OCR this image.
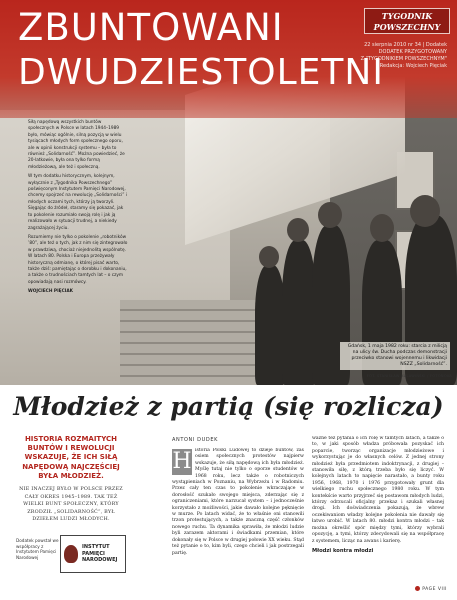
ZBUNTOWANI
DWUDZIESTOLETNI
TYGODNIK POWSZECHNY
22 sierpnia 2010 nr 34 | Dodatek
DODATEK PRZYGOTOWANY
Z "TYGODNIKIEM POWSZECHNYM"
Redakcja: Wojciech Pięciak

Siłą napędową wszystkich buntów społecznych w Polsce w latach 1944–1989 było, mówiąc ogólnie, silną pozycją w wielu tysiącach młodych form społecznego oporu, ale w opinii konstrukcji systemu – była to również „Solidarność”. Można powiedzieć, że 20-latkowie, była ona tylko formą młodzieżową, ale też i społeczną.

W tym dodatku historycznym, kolejnym, wyłącznie z „Tygodnika Powszechnego” poświęconym Instytutem Pamięci Narodowej, chcemy spojrzeć na rewolucję „Solidarności” i młodych oczami tych, którzy ją tworzyli. Sięgając do źródeł, staramy się pokazać, jak to pokolenie rozumiało swoją rolę i jak ją realizowało w sytuacji trudnej, a niekiedy zagrażającej życiu.

Rozumiemy nie tylko o pokolenie „robotników ’80”, ale też o tych, jak z nim się zintegrowało w prawdziwą, chociaż niejednolitą wspólnotę. W latach 80. Polska i Europa przeżywały historyczną odmianę, o której pisać warto, także dziś: pamiętając o dorobku i dokonaniu, a także o trudnościach tamtych lat – o czym opowiadają nasi rozmówcy.

WOJCIECH PIĘCIAK

Gdańsk, 1 maja 1982 roku: starcia z milicją na ulicy św. Ducha podczas demonstracji przeciwko stanowi wojennemu i likwidacji NSZZ „Solidarność”.
FOT. STANISŁAW KULAWIŃSKI / FOTONOVA
Młodzież z partią (się rozlicza)
HISTORIA ROZMAITYCH BUNTÓW I REWOLUCJI WSKAZUJE, ŻE ICH SIŁĄ NAPĘDOWĄ NAJCZĘŚCIEJ BYŁA MŁODZIEŻ.
NIE INACZEJ BYŁO W POLSCE PRZEZ CAŁY OKRES 1945–1989. TAK TEŻ WIELKI BUNT SPOŁECZNY, KTÓRY ZRODZIŁ „SOLIDARNOŚĆ”, BYŁ DZIEŁEM LUDZI MŁODYCH.
Dodatek powstał we współpracy z Instytutem Pamięci Narodowej
INSTYTUT
PAMIĘCI
NARODOWEJ
ANTONI DUDEK
H istoria Polski Ludowej to dzieje buntów, zaś osiem społecznych protestów najpierw wskazuje, że siłą napędową ich była młodzież. Myślę tutaj nie tylko o oporze studentów w 1968 roku, lecz także o robotniczych wystąpieniach w Poznaniu, na Wybrzeżu i w Radomiu. Przez cały ten czas to pokolenie wkraczające w dorosłość szukało swojego miejsca, zderzając się z ograniczeniami, które narzucał system – i jednocześnie korzystało z możliwości, jakie dawało kolejne pęknięcie w murze. Po latach widać, że to właśnie oni stanowili trzon protestujących, a także znaczną część członków nowego ruchu. Ta dynamika sprawiła, że młodzi ludzie byli zarazem aktorami i świadkami przemian, które dokonały się w Polsce w drugiej połowie XX wieku. Stąd też pytanie o to, kim byli, czego chcieli i jak postrzegali partię.
ważne też pytania o ich rolę w tamtych latach, a także o to, w jaki sposób władza próbowała pozyskać ich poparcie, tworząc organizacje młodzieżowe i wykorzystując je do własnych celów. Z jednej strony młodzież była przedmiotem indoktrynacji, z drugiej – stanowiła siłę, z którą trzeba było się liczyć. W kolejnych latach to napięcie narastało, a bunty roku 1956, 1968, 1970 i 1976 przygotowały grunt dla wielkiego ruchu społecznego 1980 roku. W tym kontekście warto przyjrzeć się postawom młodych ludzi, którzy odrzucali oficjalny przekaz i szukali własnej drogi. Ich doświadczenia pokazują, że wbrew oczekiwaniom władzy kolejne pokolenia nie dawały się łatwo urobić. W latach 80. młodzi kontra młodzi – tak można określić spór między tymi, którzy wybrali opozycję, a tymi, którzy zdecydowali się na współpracę z systemem, licząc na awans i karierę.
Młodzi kontra młodzi
PAGE VIII
